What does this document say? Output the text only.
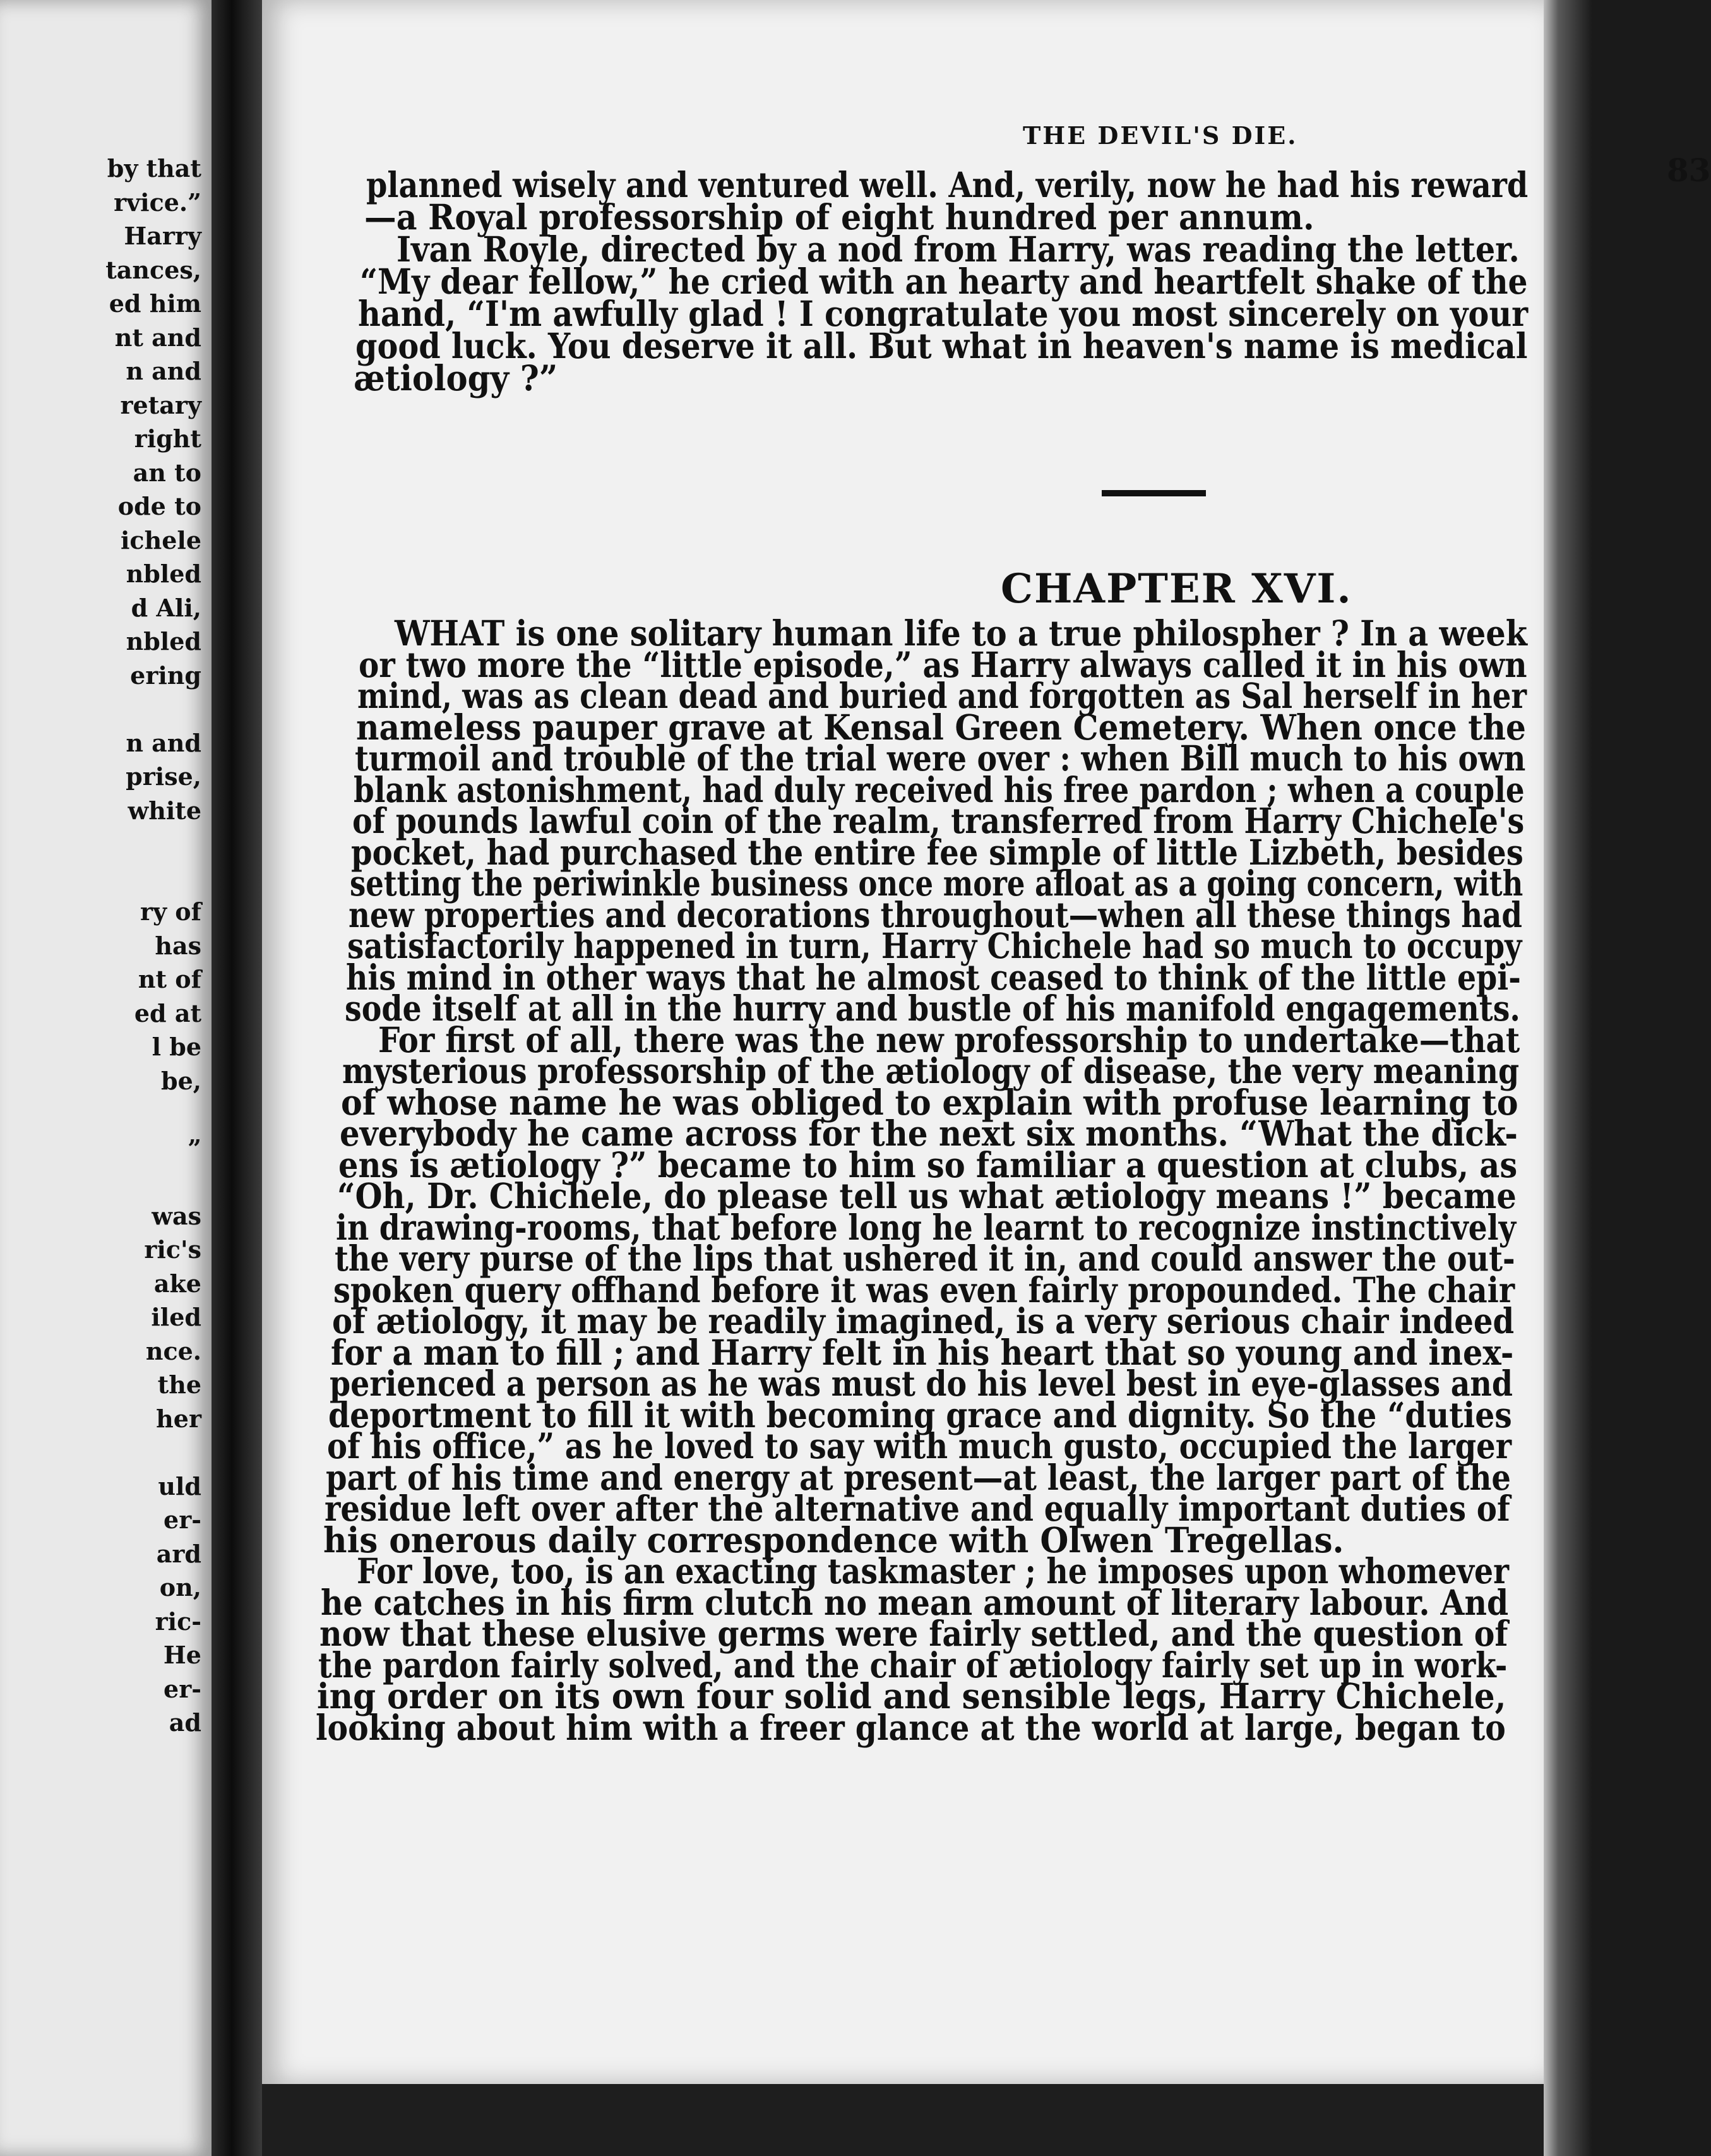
by that
rvice.”
Harry
tances,
ed him
nt and
n and
retary
right
an to
ode to
ichele
nbled
d Ali,
nbled
ering
n and
prise,
white
ry of
has
nt of
ed at
l be
be,
”
was
ric's
ake
iled
nce.
the
her
uld
er-
ard
on,
ric-
He
er-
ad
THE DEVIL'S DIE.
83
CHAPTER XVI.
planned wisely and ventured well. And, verily, now he had his reward
—a Royal professorship of eight hundred per annum.
Ivan Royle, directed by a nod from Harry, was reading the letter.
“My dear fellow,” he cried with an hearty and heartfelt shake of the
hand, “I'm awfully glad ! I congratulate you most sincerely on your
good luck. You deserve it all. But what in heaven's name is medical
ætiology ?”
WHAT is one solitary human life to a true philospher ? In a week
or two more the “little episode,” as Harry always called it in his own
mind, was as clean dead and buried and forgotten as Sal herself in her
nameless pauper grave at Kensal Green Cemetery. When once the
turmoil and trouble of the trial were over : when Bill much to his own
blank astonishment, had duly received his free pardon ; when a couple
of pounds lawful coin of the realm, transferred from Harry Chichele's
pocket, had purchased the entire fee simple of little Lizbeth, besides
setting the periwinkle business once more afloat as a going concern, with
new properties and decorations throughout—when all these things had
satisfactorily happened in turn, Harry Chichele had so much to occupy
his mind in other ways that he almost ceased to think of the little epi-
sode itself at all in the hurry and bustle of his manifold engagements.
For first of all, there was the new professorship to undertake—that
mysterious professorship of the ætiology of disease, the very meaning
of whose name he was obliged to explain with profuse learning to
everybody he came across for the next six months. “What the dick-
ens is ætiology ?” became to him so familiar a question at clubs, as
“Oh, Dr. Chichele, do please tell us what ætiology means !” became
in drawing-rooms, that before long he learnt to recognize instinctively
the very purse of the lips that ushered it in, and could answer the out-
spoken query offhand before it was even fairly propounded. The chair
of ætiology, it may be readily imagined, is a very serious chair indeed
for a man to fill ; and Harry felt in his heart that so young and inex-
perienced a person as he was must do his level best in eye-glasses and
deportment to fill it with becoming grace and dignity. So the “duties
of his office,” as he loved to say with much gusto, occupied the larger
part of his time and energy at present—at least, the larger part of the
residue left over after the alternative and equally important duties of
his onerous daily correspondence with Olwen Tregellas.
For love, too, is an exacting taskmaster ; he imposes upon whomever
he catches in his firm clutch no mean amount of literary labour. And
now that these elusive germs were fairly settled, and the question of
the pardon fairly solved, and the chair of ætiology fairly set up in work-
ing order on its own four solid and sensible legs, Harry Chichele,
looking about him with a freer glance at the world at large, began to
